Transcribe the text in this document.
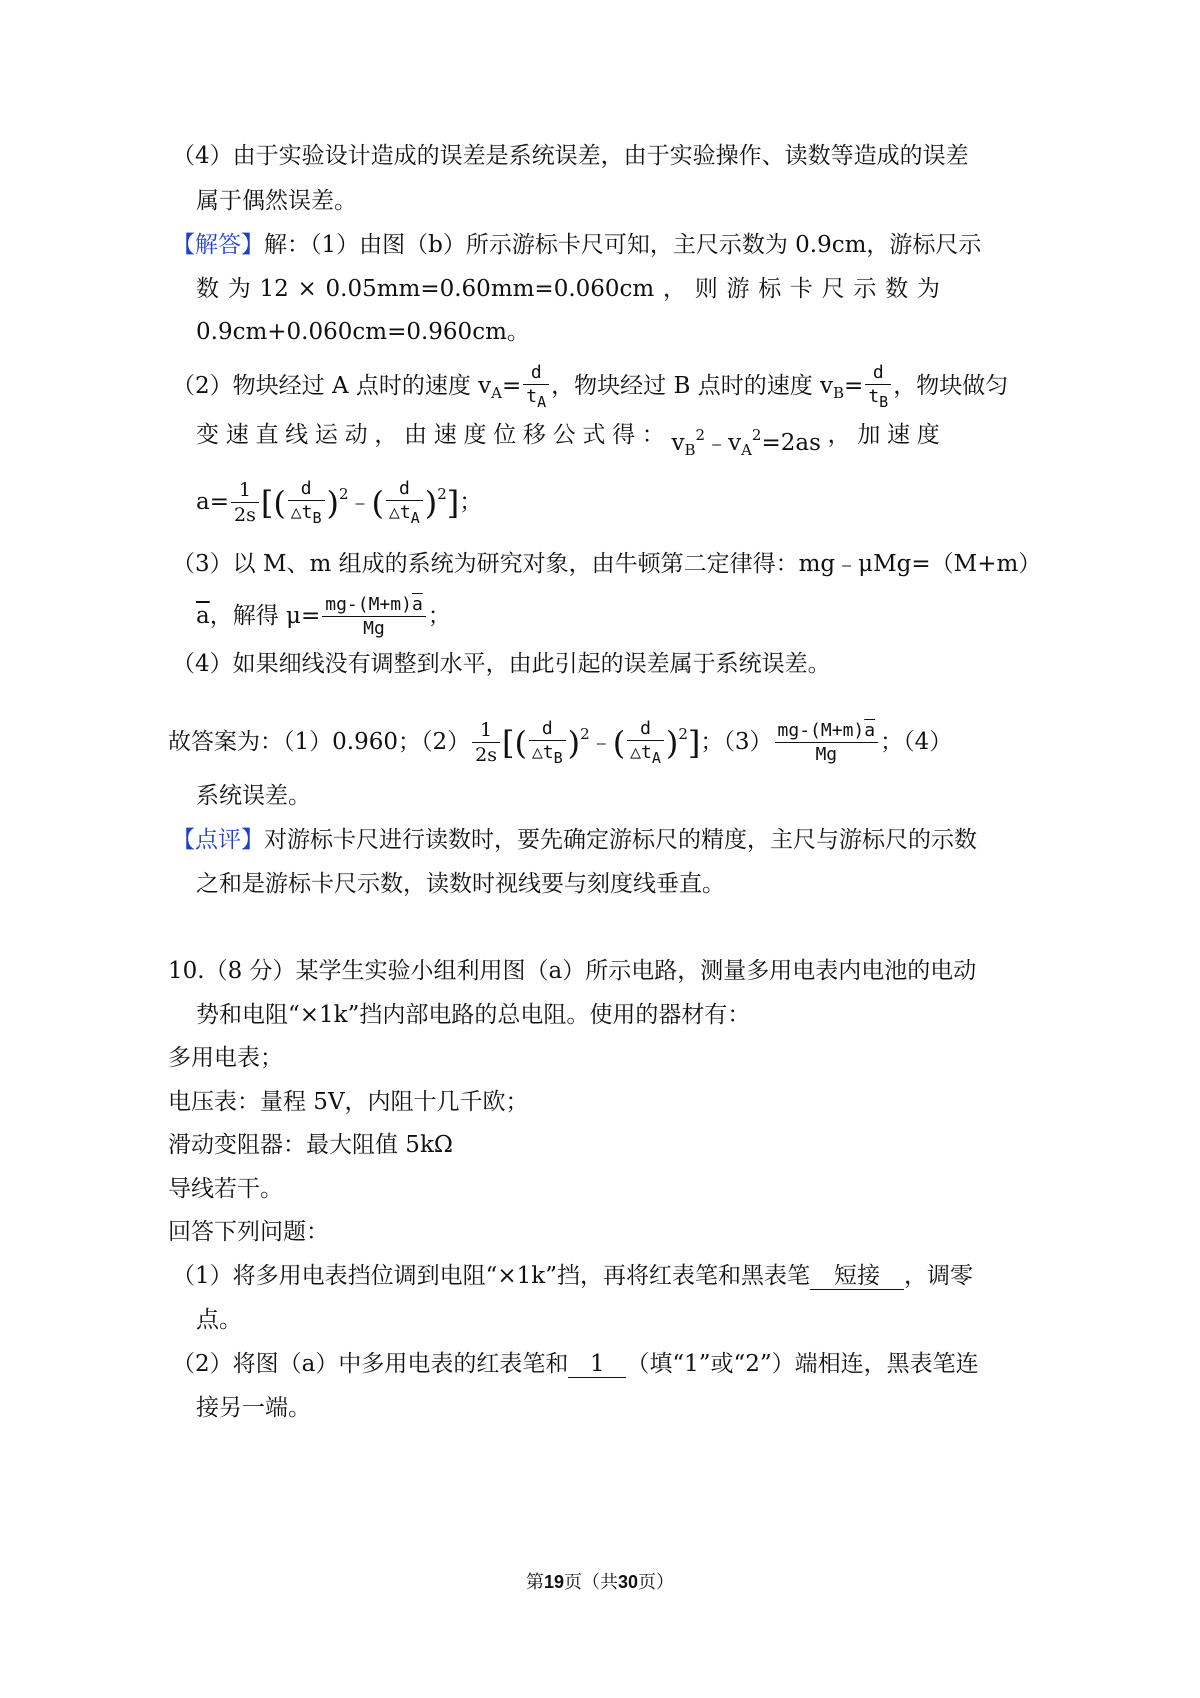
（4）由于实验设计造成的误差是系统误差，由于实验操作、读数等造成的误差
属于偶然误差。
【解答】解：（1）由图（b）所示游标卡尺可知，主尺示数为 0.9cm，游标尺示
数 为 12 × 0.05mm=0.60mm=0.060cm ， 则 游 标 卡 尺 示 数 为
0.9cm+0.060cm=0.960cm。
（2）物块经过 A 点时的速度 $v_A= \frac{d}{t_A}$ ，物块经过 B 点时的速度 $v_B= \frac{d}{t_B}$ ，物块做匀
变 速 直 线 运 动 ， 由 速 度 位 移 公 式 得 ： $v_B^2﹣v_A^2=2as$ ， 加 速 度
$a= \frac{1}{2s}$ [( $\frac{d}{\triangle t_B}$ )$^2$﹣( $\frac{d}{\triangle t_A} )^2$]；
（3）以 M、m 组成的系统为研究对象，由牛顿第二定律得：mg﹣μMg=（M+m）
$\overline{a}$，解得 $\mu= \frac{mg-(M+m)\overline{a}}{Mg}$ ；
（4）如果细线没有调整到水平，由此引起的误差属于系统误差。
故答案为：（1）0.960；$(2) \frac{1}{2s}$ [( $\frac{d}{\triangle t_B}$ )$^2$﹣( $\frac{d}{\triangle t_A} )^2$]；$(3) \frac{mg-(M+m)\overline{a}}{Mg}$ ；（4）
系统误差。
【点评】对游标卡尺进行读数时，要先确定游标尺的精度，主尺与游标尺的示数
之和是游标卡尺示数，读数时视线要与刻度线垂直。
10.（8 分）某学生实验小组利用图（a）所示电路，测量多用电表内电池的电动
势和电阻“×1k”挡内部电路的总电阻。使用的器材有：
多用电表；
电压表：量程 5V，内阻十几千欧；
滑动变阻器：最大阻值 5kΩ
导线若干。
回答下列问题：
（1）将多用电表挡位调到电阻“×1k”挡，再将红表笔和黑表笔 短接 ，调零
点。
（2）将图（a）中多用电表的红表笔和 1 （填“1”或“2”）端相连，黑表笔连
接另一端。
第19页（共30页）
